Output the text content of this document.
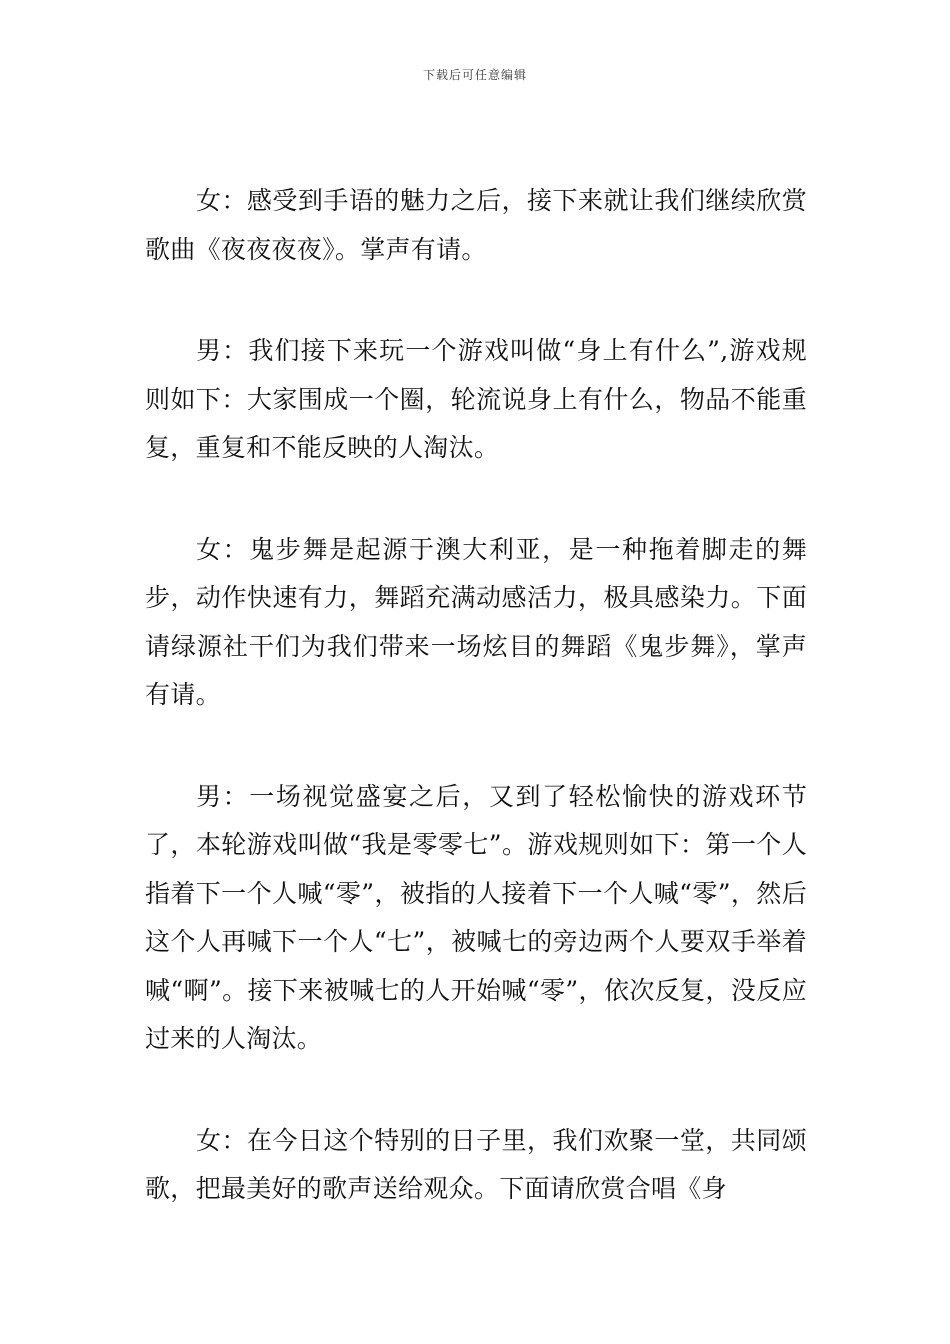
下载后可任意编辑

女：感受到手语的魅力之后，接下来就让我们继续欣赏歌曲《夜夜夜夜》。掌声有请。

男：我们接下来玩一个游戏叫做“身上有什么”,游戏规则如下：大家围成一个圈，轮流说身上有什么，物品不能重复，重复和不能反映的人淘汰。

女：鬼步舞是起源于澳大利亚，是一种拖着脚走的舞步，动作快速有力，舞蹈充满动感活力，极具感染力。下面请绿源社干们为我们带来一场炫目的舞蹈《鬼步舞》，掌声有请。

男：一场视觉盛宴之后，又到了轻松愉快的游戏环节了，本轮游戏叫做“我是零零七”。游戏规则如下：第一个人指着下一个人喊“零”，被指的人接着下一个人喊“零”，然后这个人再喊下一个人“七”，被喊七的旁边两个人要双手举着喊“啊”。接下来被喊七的人开始喊“零”，依次反复，没反应过来的人淘汰。

女：在今日这个特别的日子里，我们欢聚一堂，共同颂歌，把最美好的歌声送给观众。下面请欣赏合唱《身
